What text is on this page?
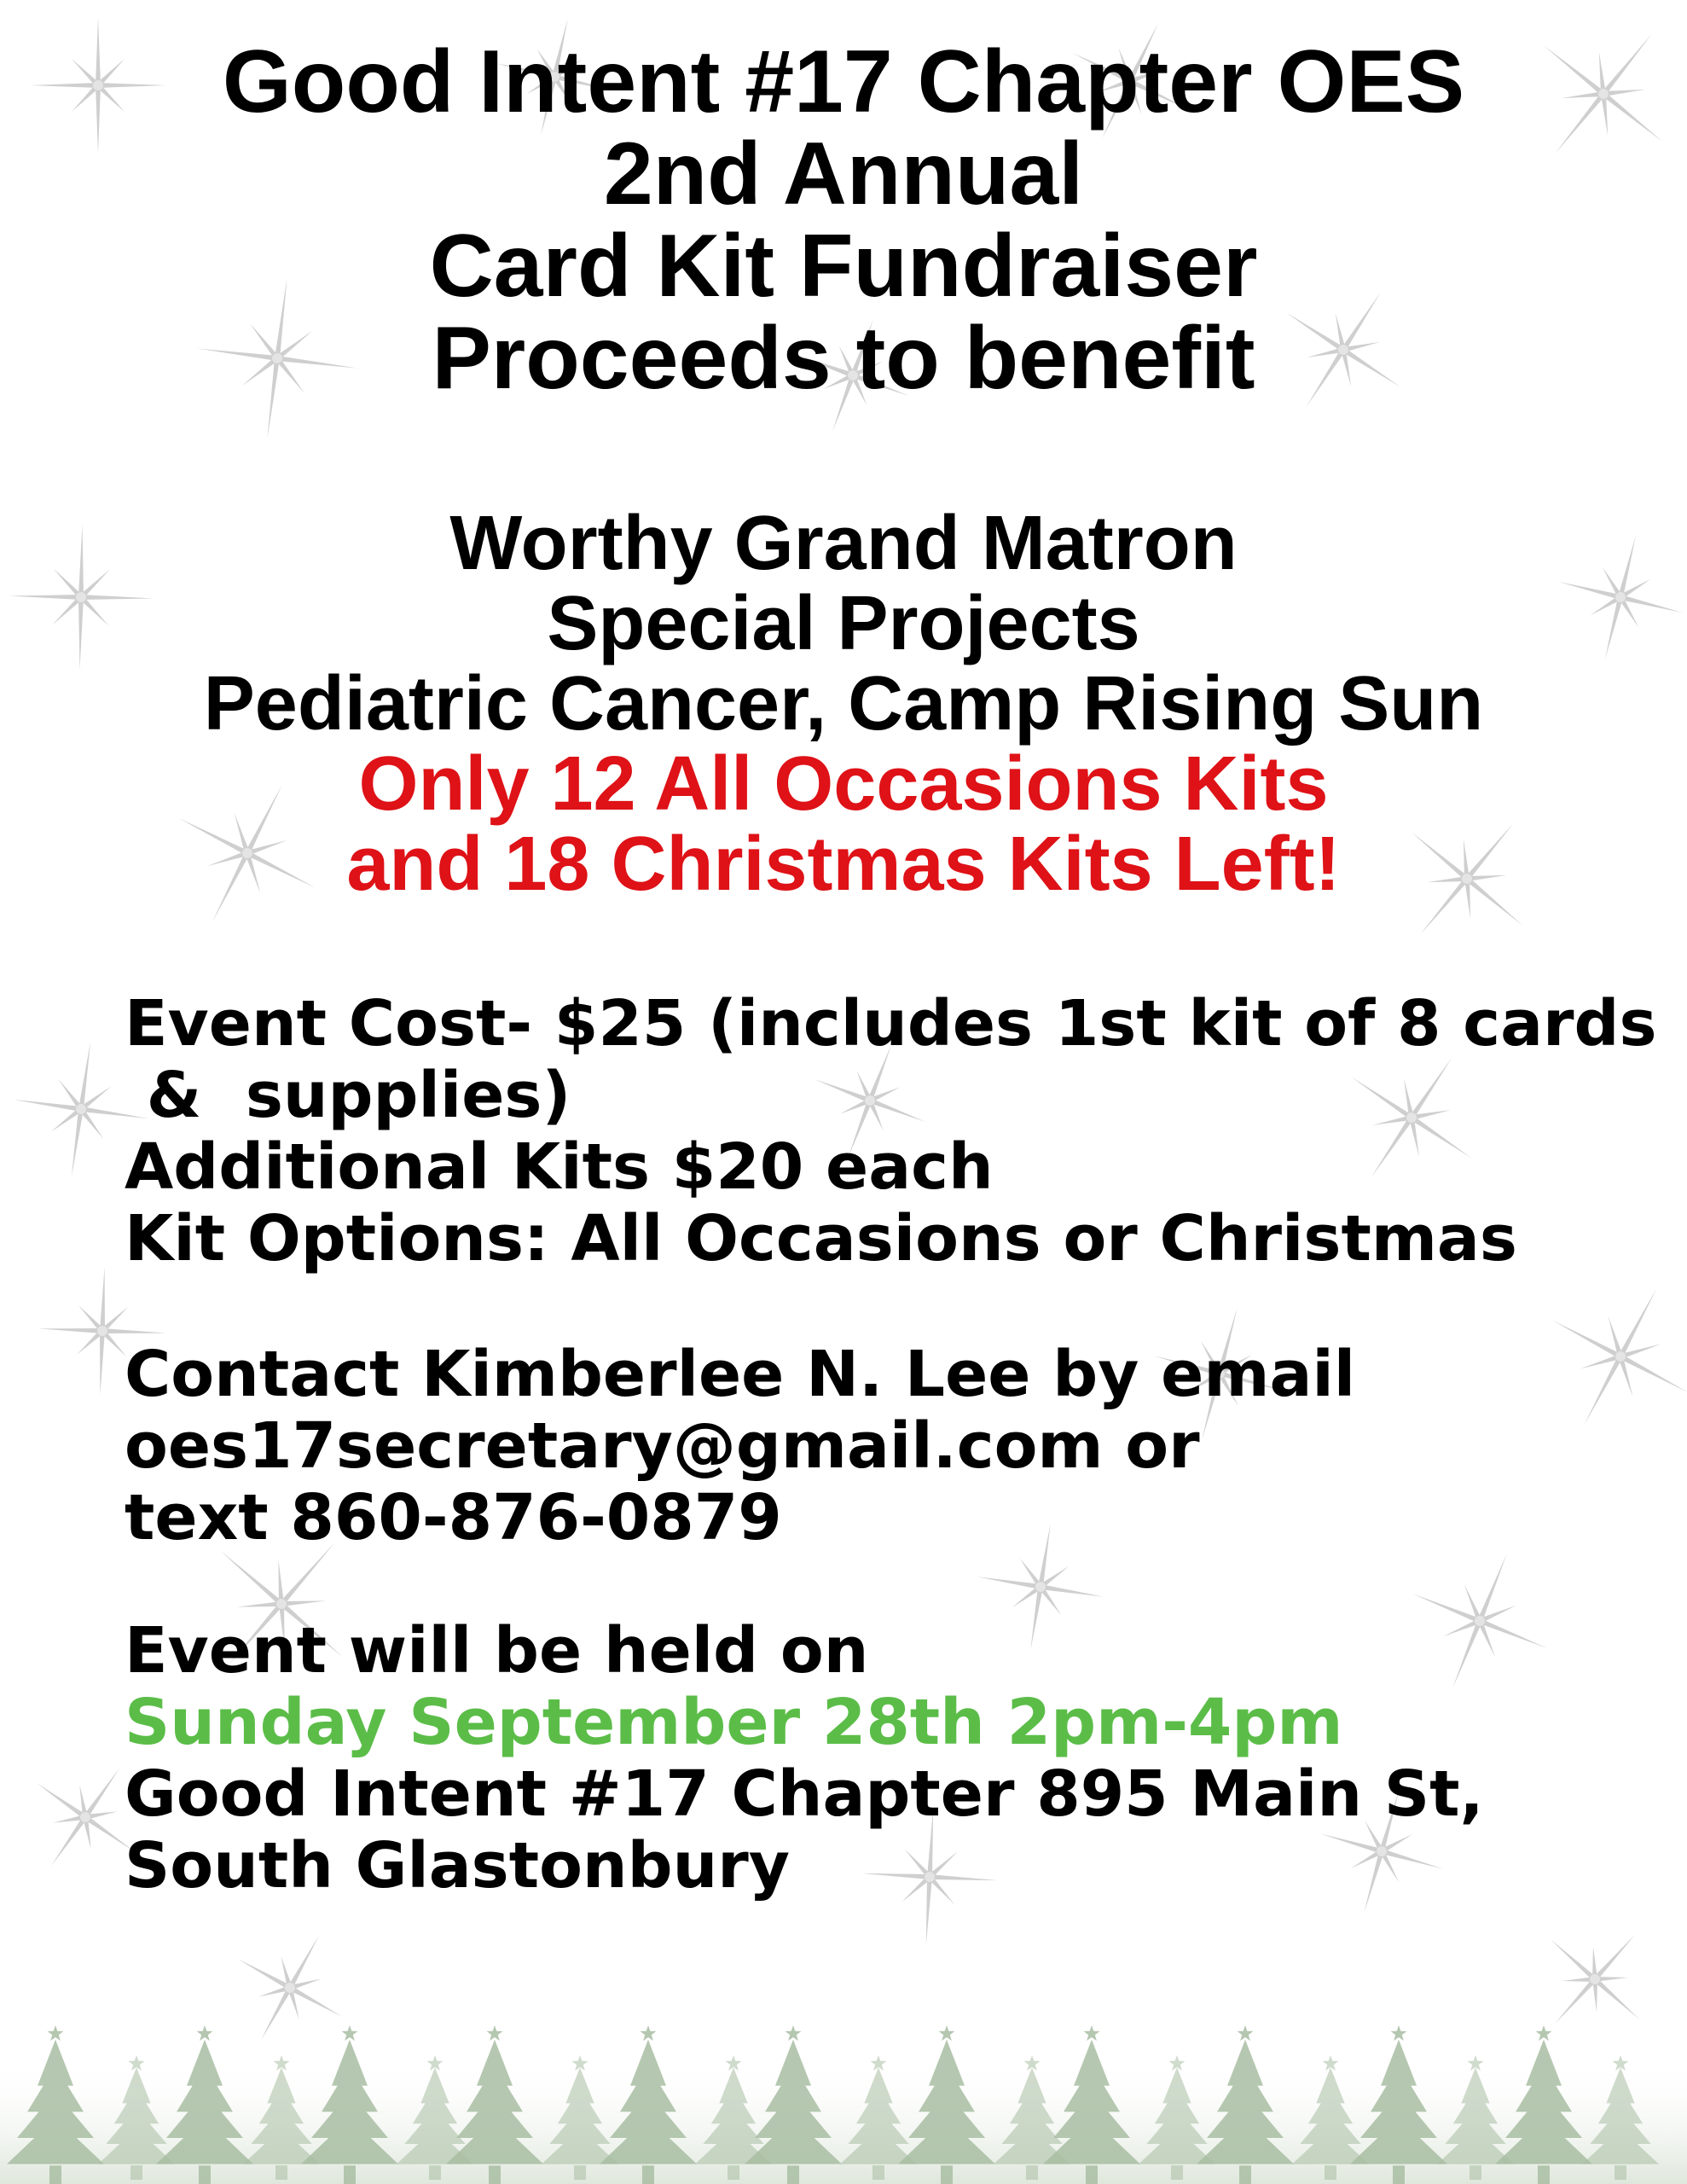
Good Intent #17 Chapter OES
2nd Annual
Card Kit Fundraiser
Proceeds to benefit
Worthy Grand Matron
Special Projects
Pediatric Cancer, Camp Rising Sun
Only 12 All Occasions Kits
and 18 Christmas Kits Left!
Event Cost- $25 (includes 1st kit of 8 cards
&  supplies)
Additional Kits $20 each
Kit Options: All Occasions or Christmas
Contact Kimberlee N. Lee by email
oes17secretary@gmail.com or
text 860-876-0879
Event will be held on
Sunday September 28th 2pm-4pm
Good Intent #17 Chapter 895 Main St,
South Glastonbury
